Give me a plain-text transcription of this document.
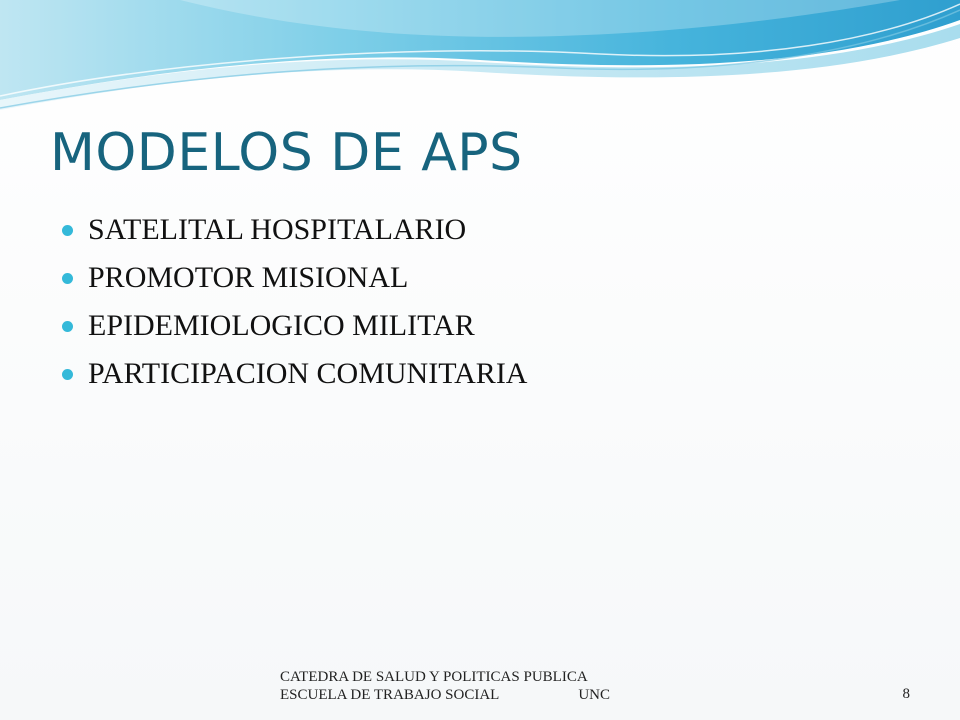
MODELOS DE APS
SATELITAL HOSPITALARIO
PROMOTOR MISIONAL
EPIDEMIOLOGICO MILITAR
PARTICIPACION COMUNITARIA
CATEDRA DE SALUD Y POLITICAS PUBLICA
ESCUELA DE TRABAJO SOCIAL	UNC	8
